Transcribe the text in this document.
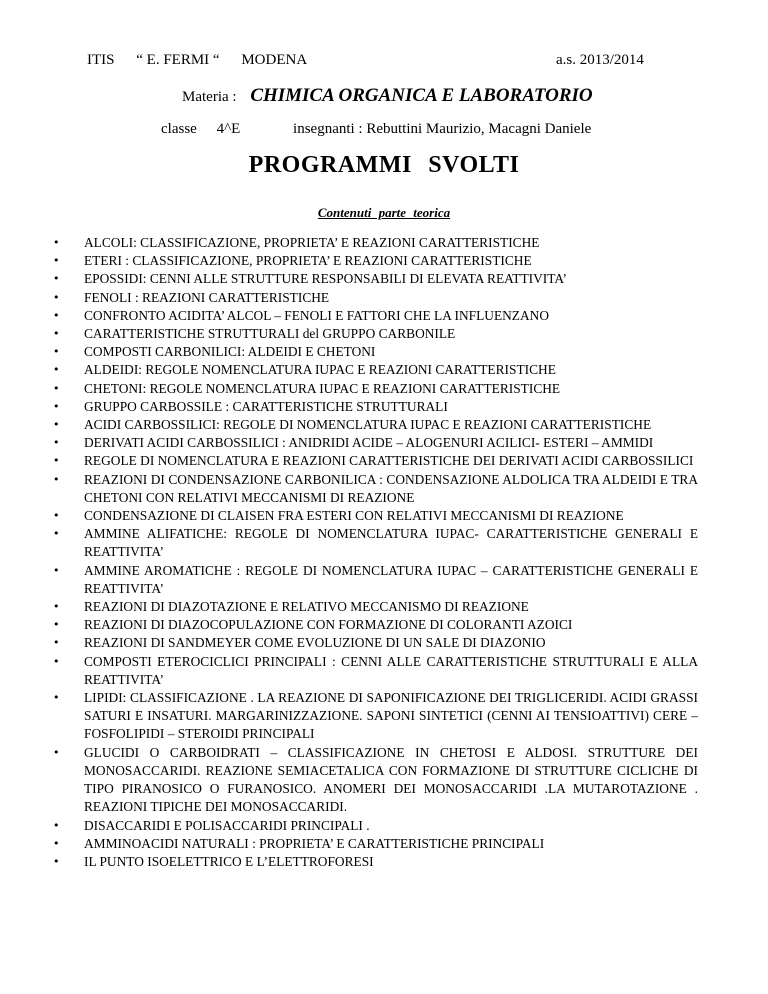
ITIS “ E. FERMI “ MODENA	a.s. 2013/2014
Materia : CHIMICA ORGANICA E LABORATORIO
classe 4^E	insegnanti : Rebuttini Maurizio, Macagni Daniele
PROGRAMMI SVOLTI
Contenuti parte teorica
• ALCOLI: CLASSIFICAZIONE, PROPRIETA’ E REAZIONI CARATTERISTICHE
• ETERI : CLASSIFICAZIONE, PROPRIETA’ E REAZIONI CARATTERISTICHE
• EPOSSIDI: CENNI ALLE STRUTTURE RESPONSABILI DI ELEVATA REATTIVITA’
• FENOLI : REAZIONI CARATTERISTICHE
• CONFRONTO ACIDITA’ ALCOL – FENOLI E FATTORI CHE LA INFLUENZANO
• CARATTERISTICHE STRUTTURALI del GRUPPO CARBONILE
• COMPOSTI CARBONILICI: ALDEIDI E CHETONI
• ALDEIDI: REGOLE NOMENCLATURA IUPAC E REAZIONI CARATTERISTICHE
• CHETONI: REGOLE NOMENCLATURA IUPAC E REAZIONI CARATTERISTICHE
• GRUPPO CARBOSSILE : CARATTERISTICHE STRUTTURALI
• ACIDI CARBOSSILICI: REGOLE DI NOMENCLATURA IUPAC E REAZIONI CARATTERISTICHE
• DERIVATI ACIDI CARBOSSILICI : ANIDRIDI ACIDE – ALOGENURI ACILICI- ESTERI – AMMIDI
• REGOLE DI NOMENCLATURA E REAZIONI CARATTERISTICHE DEI DERIVATI ACIDI CARBOSSILICI
• REAZIONI DI CONDENSAZIONE CARBONILICA : CONDENSAZIONE ALDOLICA TRA ALDEIDI E TRA CHETONI CON RELATIVI MECCANISMI DI REAZIONE
• CONDENSAZIONE DI CLAISEN FRA ESTERI CON RELATIVI MECCANISMI DI REAZIONE
• AMMINE ALIFATICHE: REGOLE DI NOMENCLATURA IUPAC- CARATTERISTICHE GENERALI E REATTIVITA’
• AMMINE AROMATICHE : REGOLE DI NOMENCLATURA IUPAC – CARATTERISTICHE GENERALI E REATTIVITA’
• REAZIONI DI DIAZOTAZIONE E RELATIVO MECCANISMO DI REAZIONE
• REAZIONI DI DIAZOCOPULAZIONE CON FORMAZIONE DI COLORANTI AZOICI
• REAZIONI DI SANDMEYER COME EVOLUZIONE DI UN SALE DI DIAZONIO
• COMPOSTI ETEROCICLICI PRINCIPALI : CENNI ALLE CARATTERISTICHE STRUTTURALI E ALLA REATTIVITA’
• LIPIDI: CLASSIFICAZIONE . LA REAZIONE DI SAPONIFICAZIONE DEI TRIGLICERIDI. ACIDI GRASSI SATURI E INSATURI. MARGARINIZZAZIONE. SAPONI SINTETICI (CENNI AI TENSIOATTIVI) CERE –FOSFOLIPIDI – STEROIDI PRINCIPALI
• GLUCIDI O CARBOIDRATI – CLASSIFICAZIONE IN CHETOSI E ALDOSI. STRUTTURE DEI MONOSACCARIDI. REAZIONE SEMIACETALICA CON FORMAZIONE DI STRUTTURE CICLICHE DI TIPO PIRANOSICO O FURANOSICO. ANOMERI DEI MONOSACCARIDI .LA MUTAROTAZIONE . REAZIONI TIPICHE DEI MONOSACCARIDI.
• DISACCARIDI E POLISACCARIDI PRINCIPALI .
• AMMINOACIDI NATURALI : PROPRIETA’ E CARATTERISTICHE PRINCIPALI
• IL PUNTO ISOELETTRICO E L’ELETTROFORESI
